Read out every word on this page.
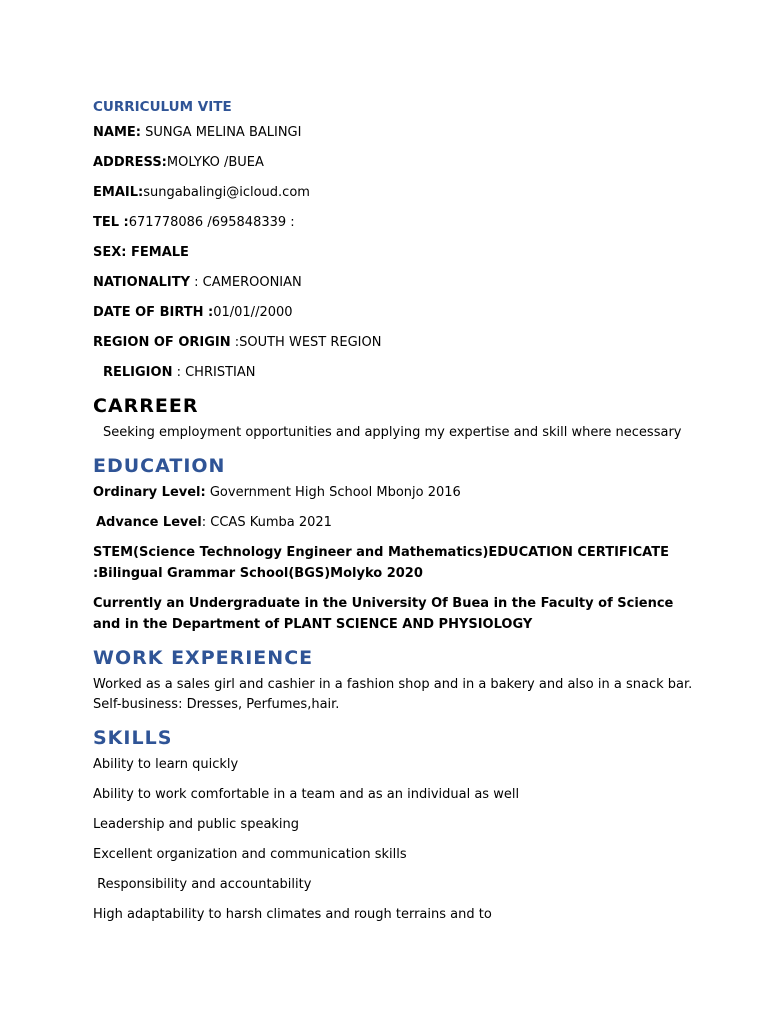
CURRICULUM VITE
NAME: SUNGA MELINA BALINGI
ADDRESS:MOLYKO /BUEA
EMAIL:sungabalingi@icloud.com
TEL :671778086 /695848339 :
SEX: FEMALE
NATIONALITY : CAMEROONIAN
DATE OF BIRTH :01/01//2000
REGION OF ORIGIN :SOUTH WEST REGION
RELIGION : CHRISTIAN
CARREER
Seeking employment opportunities and applying my expertise and skill where necessary
EDUCATION
Ordinary Level: Government High School Mbonjo 2016
Advance Level: CCAS Kumba 2021
STEM(Science Technology Engineer and Mathematics)EDUCATION CERTIFICATE :Bilingual Grammar School(BGS)Molyko 2020
Currently an Undergraduate in the University Of Buea in the Faculty of Science and in the Department of PLANT SCIENCE AND PHYSIOLOGY
WORK EXPERIENCE
Worked as a sales girl and cashier in a fashion shop and in a bakery and also in a snack bar.
Self-business: Dresses, Perfumes,hair.
SKILLS
Ability to learn quickly
Ability to work comfortable in a team and as an individual as well
Leadership and public speaking
Excellent organization and communication skills
Responsibility and accountability
High adaptability to harsh climates and rough terrains and to
